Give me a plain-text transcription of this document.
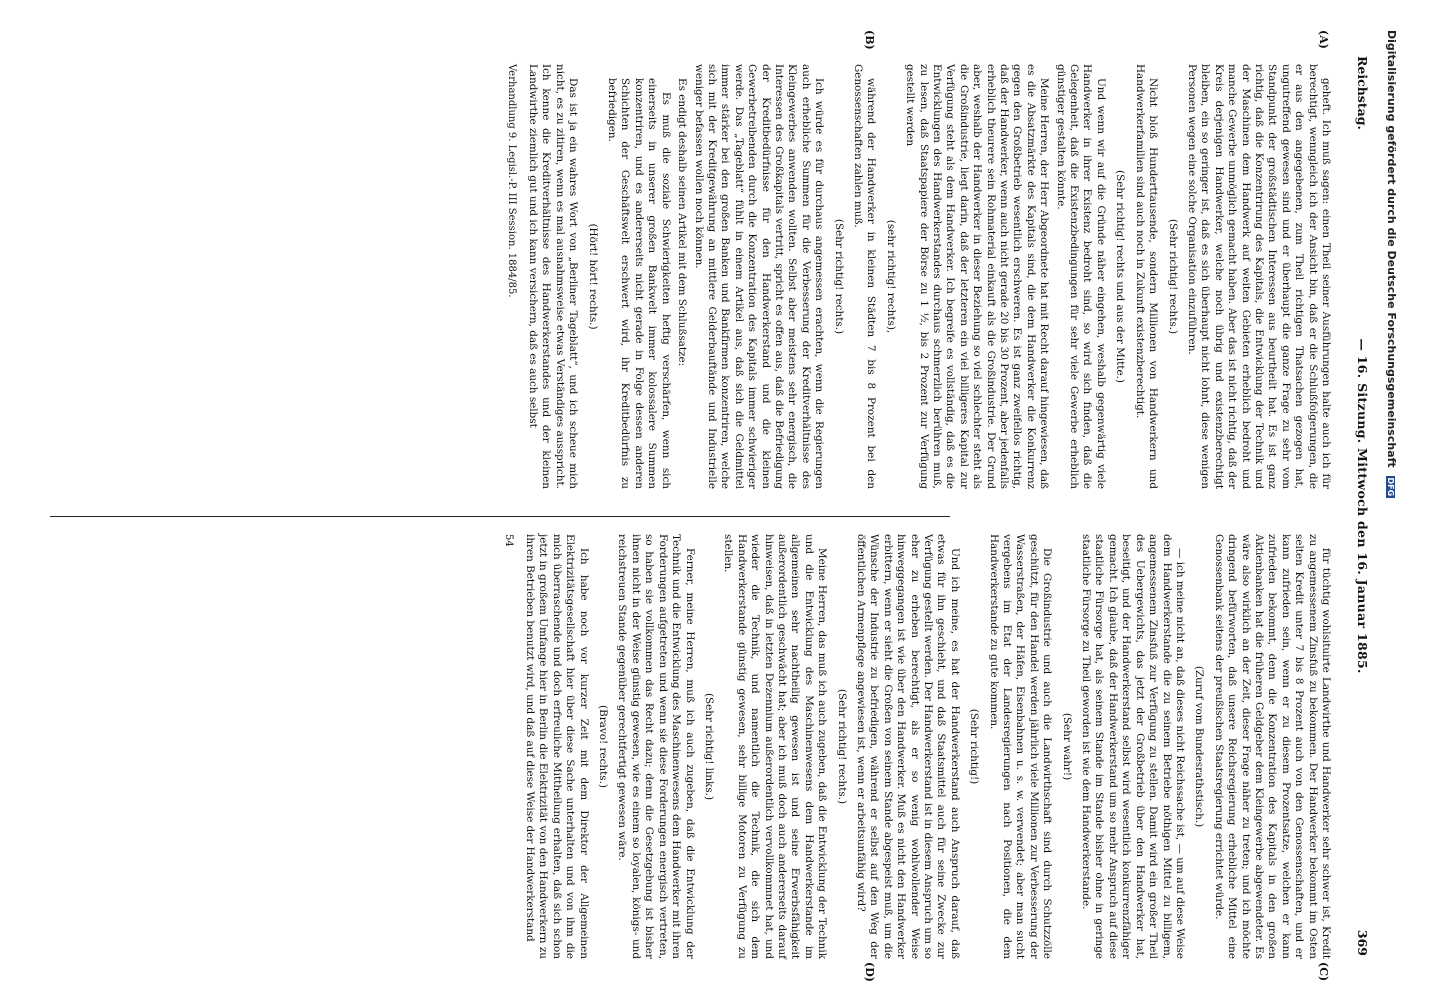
Reichstag.
— 16. Sitzung. Mittwoch den 16. Januar 1885.
369
(A)
(B)
(C)
(D)

geheft. Ich muß sagen: einen Theil seiner Ausführungen halte auch ich für berechtigt, wenngleich ich der Ansicht bin, daß er die Schlußfolgerungen, die er aus den angegebenen, zum Theil richtigen Thatsachen gezogen hat, ungutreffend gewesen sind und er überhaupt die ganze Frage zu sehr vom Standpunkt der großstädtischen Interessen aus beurtheilt hat. Es ist ganz richtig, daß die Konzentrirung des Kapitals, die Entwicklung der Technik und der Maschinen dem Handwerk auf weiten Gebieten erheblich bedroht und manche Gewerbe unmöglich gemacht haben. Aber das ist nicht richtig, daß der Kreis derjenigen Handwerker, welche noch übrig und existenzberechtigt bleiben, ein so geringer ist, daß es sich überhaupt nicht lohnt, diese wenigen Personen wegen eine solche Organisation einzuführen.

(Sehr richtig! rechts.)

Nicht bloß Hunderttausende, sondern Millionen von Handwerkern und Handwerkerfamilien sind auch noch in Zukunft existenzberechtigt.

(Sehr richtig! rechts und aus der Mitte.)

Und wenn wir auf die Gründe näher eingehen, weshalb gegenwärtig viele Handwerker in ihrer Existenz bedroht sind, so wird sich finden, daß die Gelegenheit, daß die Existenzbedingungen für sehr viele Gewerbe erheblich günstiger gestalten könnte.

Meine Herren, der Herr Abgeordnete hat mit Recht darauf hingewiesen, daß es die Absatzmärkte des Kapitals sind, die dem Handwerker die Konkurrenz gegen den Großbetrieb wesentlich erschweren. Es ist ganz zweifellos richtig, daß der Handwerker, wenn auch nicht gerade 20 bis 30 Prozent, aber jedenfalls erheblich theurere sein Rohmaterial einkauft als die Großindustrie. Der Grund aber, weshalb der Handwerker in dieser Beziehung so viel schlechter steht als die Großindustrie, liegt darin, daß der letzteren ein viel billigeres Kapital zur Verfügung steht als dem Handwerker. Ich begreife es vollständig, daß es die Entwicklungen des Handwerkerstandes durchaus schmerzlich berühren muß, zu lesen, daß Staatspapiere der Börse zu 1 ½, bis 2 Prozent zur Verfügung gestellt werden

(sehr richtig! rechts),

während der Handwerker in kleinen Städten 7 bis 8 Prozent bei den Genossenschaften zahlen muß.

(Sehr richtig! rechts.)

Ich würde es für durchaus angemessen erachten, wenn die Regierungen auch erhebliche Summen für die Verbesserung der Kreditverhältnisse des Kleingewerbes anwenden wollten. Selbst aber meistens sehr energisch, die Interessen des Großkapitals vertritt, spricht es offen aus, daß die Befriedigung der Kreditbedürfnisse für den Handwerkerstand und die kleinen Gewerbetreibenden durch die Konzentration des Kapitals immer schwieriger werde. Das „Tageblatt“ fühlt in einem Artikel aus, daß sich die Geldmittel immer stärker bei den großen Banken und Bankfirmen konzentriren, welche sich mit der Kreditgewährung an mittlere Gelderbauftände und Industrielle weniger befassen wollen noch können.

Es endigt deshalb seinen Artikel mit dem Schlußsatze:

Es muß die soziale Schwierigkeiten heftig verschärfen, wenn sich einerseits in unserer großen Bankwelt immer kolossalere Summen konzentriren, und es andererseits nicht gerade in Folge dessen anderen Schichten der Geschäftswelt erschwert wird, ihr Kreditbedürfnis zu befriedigen.

(Hört! hört! rechts.)

Das ist ja ein wahres Wort von „Berliner Tageblatt“, und ich scheue mich nicht, es zu zitiren, wenn es mal ausnahmsweise etwas Verständiges ausspricht. Ich kenne die Kreditverhältnisse des Handwerkerstandes und der kleinen Landwirthe ziemlich gut und ich kann versichern, daß es auch selbst

Verhandlung 9. Legisl.-P. III Session. 1884/85.

für tüchtig wohlsituirte Landwirthe und Handwerker sehr schwer ist, Kredit zu angemessenem Zinsfuß zu bekommen. Der Handwerker bekommt im Osten selten Kredit unter 7 bis 8 Prozent auch von den Genossenschaften, und er kann zufrieden sein, wenn er zu diesem Prozentsatze, welchen er kann zufrieden bekommt, denn die Konzentration des Kapitals in den großen Aktienbanken hat die früheren Geldgeber dem Kleingewerbe abgewendeter. Es wäre also wirklich an der Zeit, dieser Frage näher zu treten; und ich möchte dringend befürworten, daß unsere Reichsregierung erhebliche Mittel eine Genossenbank seitens der preußischen Staatsregierung errichtet würde.

(Zuruf vom Bundesrathstisch.)

— ich meine nicht an, daß dieses nicht Reichssache ist, — um auf diese Weise dem Handwerkerstande die zu seinem Betriebe nöthigen Mittel zu billigem, angemessenem Zinsfuß zur Verfügung zu stellen. Damit wird ein großer Theil des Uebergewichts, das jetzt der Großbetrieb über den Handwerker hat, beseitigt, und der Handwerkerstand selbst wird wesentlich konkurrenzfähiger gemacht. Ich glaube, daß der Handwerkerstand um so mehr Anspruch auf diese staatliche Fürsorge hat, als seinem Stande im Stande bisher ohne in geringe staatliche Fürsorge zu Theil geworden ist wie dem Handwerkerstande.

(Sehr wahr!)

Die Großindustrie und auch die Landwirthschaft sind durch Schutzzölle geschützt, für den Handel werden jährlich viele Millionen zur Verbesserung der Wasserstraßen, der Häfen, Eisenbahnen u. s. w. verwendet; aber man sucht vergebens im Etat der Landesregierungen nach Positionen, die dem Handwerkerstande zu gute kommen.

(Sehr richtig!)

Und ich meine, es hat der Handwerkerstand auch Anspruch darauf, daß etwas für ihn geschieht, und daß Staatsmittel auch für seine Zwecke zur Verfügung gestellt werden. Der Handwerkerstand ist in diesem Anspruch um so eher zu erheben berechtigt, als er so wenig wohlwollender Weise hinweggegangen ist wie über den Handwerker. Muß es nicht den Handwerker erbittern, wenn er sieht die Großen von seinem Stande abgespeist muß, um die Wünsche der Industrie zu befriedigen, während er selbst auf den Weg der öffentlichen Armenpflege angewiesen ist, wenn er arbeitsunfähig wird?

(Sehr richtig! rechts.)

Meine Herren, das muß ich auch zugeben, daß die Entwicklung der Technik und die Entwicklung des Maschinenwesens dem Handwerkerstande im allgemeinen sehr nachtheilig gewesen ist und seine Erwerbsfähigkeit außerordentlich geschwächt hat; aber ich muß doch auch andererseits darauf hinweisen, daß in letzten Dezennium außerordentlich vervollkommnet hat, und wieder die Technik, und namentlich die Technik, die sich dem Handwerkerstande günstig gewesen, sehr billige Motoren zu Verfügung zu stellen.

(Sehr richtig! links.)

Ferner, meine Herren, muß ich auch zugeben, daß die Entwicklung der Technik und die Entwicklung des Maschinenwesens dem Handwerker mit ihren Forderungen aufgetreten und wenn sie diese Forderungen energisch vertreten, so haben sie vollkommen das Recht dazu; denn die Gesetzgebung ist bisher ihnen nicht in der Weise günstig gewesen, wie es einem so loyalen, königs- und reichstreuen Stande gegenüber gerechtfertigt gewesen wäre.

(Bravo! rechts.)

Ich habe noch vor kurzer Zeit mit dem Direktor der Allgemeinen Elektrizitätsgesellschaft hier über diese Sache unterhalten und von ihm die mich überraschende und doch erfreuliche Mittheilung erhalten, daß sich schon jetzt in großem Umfange hier in Berlin die Elektrizität von den Handwerkern zu ihren Betrieben benutzt wird, und daß auf diese Weise der Handwerkerstand

54

Digitalisierung gefördert durch die Deutsche Forschungsgemeinschaft DFG
